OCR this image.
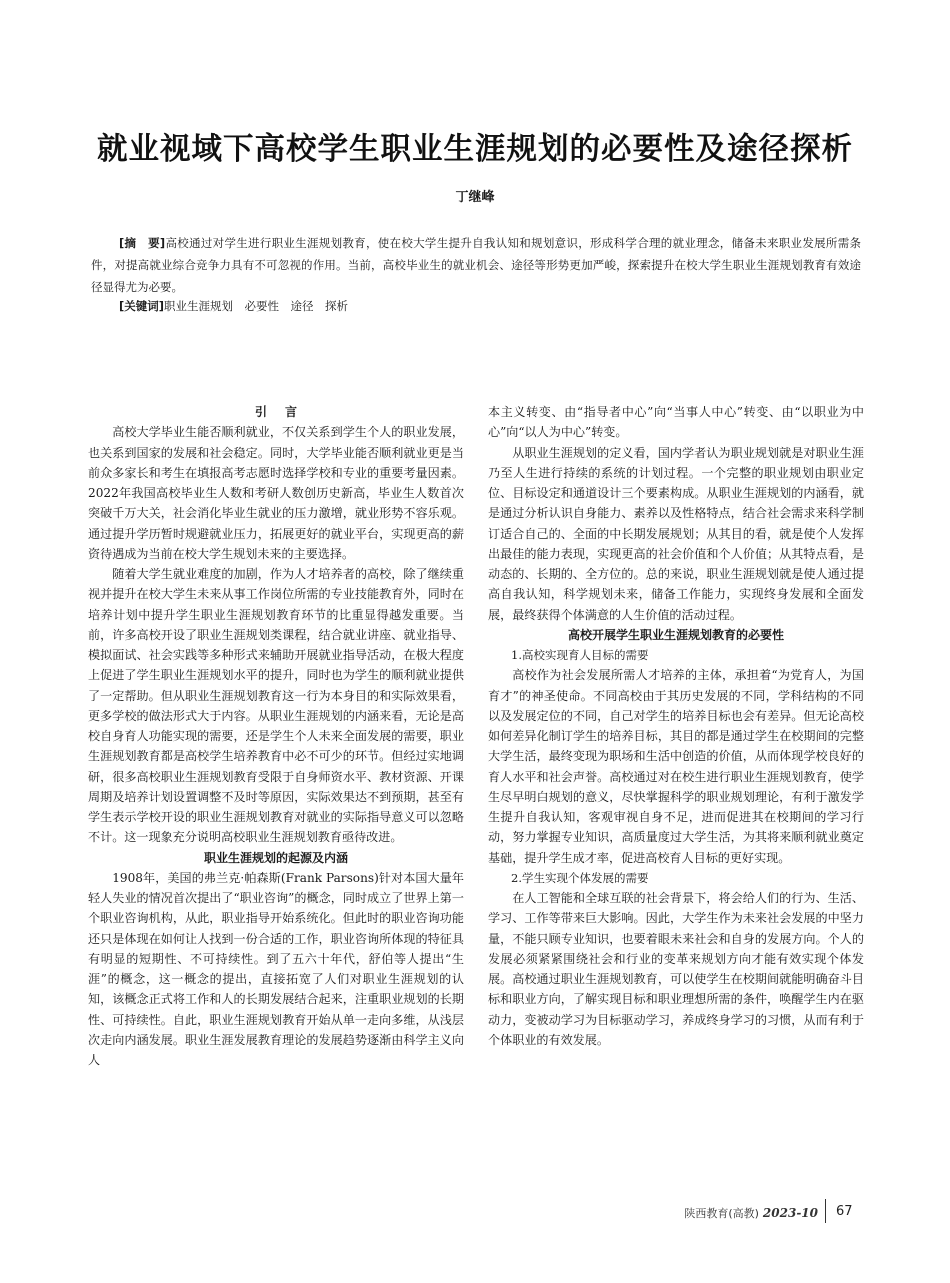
就业视域下高校学生职业生涯规划的必要性及途径探析
丁继峰

[摘　要]高校通过对学生进行职业生涯规划教育，使在校大学生提升自我认知和规划意识，形成科学合理的就业理念，储备未来职业发展所需条件，对提高就业综合竞争力具有不可忽视的作用。当前，高校毕业生的就业机会、途径等形势更加严峻，探索提升在校大学生职业生涯规划教育有效途径显得尤为必要。

[关键词]职业生涯规划　必要性　途径　探析

引言

高校大学毕业生能否顺利就业，不仅关系到学生个人的职业发展，也关系到国家的发展和社会稳定。同时，大学毕业能否顺利就业更是当前众多家长和考生在填报高考志愿时选择学校和专业的重要考量因素。2022年我国高校毕业生人数和考研人数创历史新高，毕业生人数首次突破千万大关，社会消化毕业生就业的压力激增，就业形势不容乐观。通过提升学历暂时规避就业压力，拓展更好的就业平台，实现更高的薪资待遇成为当前在校大学生规划未来的主要选择。

随着大学生就业难度的加剧，作为人才培养者的高校，除了继续重视并提升在校大学生未来从事工作岗位所需的专业技能教育外，同时在培养计划中提升学生职业生涯规划教育环节的比重显得越发重要。当前，许多高校开设了职业生涯规划类课程，结合就业讲座、就业指导、模拟面试、社会实践等多种形式来辅助开展就业指导活动，在极大程度上促进了学生职业生涯规划水平的提升，同时也为学生的顺利就业提供了一定帮助。但从职业生涯规划教育这一行为本身目的和实际效果看，更多学校的做法形式大于内容。从职业生涯规划的内涵来看，无论是高校自身育人功能实现的需要，还是学生个人未来全面发展的需要，职业生涯规划教育都是高校学生培养教育中必不可少的环节。但经过实地调研，很多高校职业生涯规划教育受限于自身师资水平、教材资源、开课周期及培养计划设置调整不及时等原因，实际效果达不到预期，甚至有学生表示学校开设的职业生涯规划教育对就业的实际指导意义可以忽略不计。这一现象充分说明高校职业生涯规划教育亟待改进。

职业生涯规划的起源及内涵

1908年，美国的弗兰克·帕森斯(Frank Parsons)针对本国大量年轻人失业的情况首次提出了“职业咨询”的概念，同时成立了世界上第一个职业咨询机构，从此，职业指导开始系统化。但此时的职业咨询功能还只是体现在如何让人找到一份合适的工作，职业咨询所体现的特征具有明显的短期性、不可持续性。到了五六十年代，舒伯等人提出“生涯”的概念，这一概念的提出，直接拓宽了人们对职业生涯规划的认知，该概念正式将工作和人的长期发展结合起来，注重职业规划的长期性、可持续性。自此，职业生涯规划教育开始从单一走向多维，从浅层次走向内涵发展。职业生涯发展教育理论的发展趋势逐渐由科学主义向人

本主义转变、由“指导者中心”向“当事人中心”转变、由“以职业为中心”向“以人为中心”转变。

从职业生涯规划的定义看，国内学者认为职业规划就是对职业生涯乃至人生进行持续的系统的计划过程。一个完整的职业规划由职业定位、目标设定和通道设计三个要素构成。从职业生涯规划的内涵看，就是通过分析认识自身能力、素养以及性格特点，结合社会需求来科学制订适合自己的、全面的中长期发展规划；从其目的看，就是使个人发挥出最佳的能力表现，实现更高的社会价值和个人价值；从其特点看，是动态的、长期的、全方位的。总的来说，职业生涯规划就是使人通过提高自我认知，科学规划未来，储备工作能力，实现终身发展和全面发展，最终获得个体满意的人生价值的活动过程。

高校开展学生职业生涯规划教育的必要性
1.高校实现育人目标的需要

高校作为社会发展所需人才培养的主体，承担着“为党育人，为国育才”的神圣使命。不同高校由于其历史发展的不同，学科结构的不同以及发展定位的不同，自己对学生的培养目标也会有差异。但无论高校如何差异化制订学生的培养目标，其目的都是通过学生在校期间的完整大学生活，最终变现为职场和生活中创造的价值，从而体现学校良好的育人水平和社会声誉。高校通过对在校生进行职业生涯规划教育，使学生尽早明白规划的意义，尽快掌握科学的职业规划理论，有利于激发学生提升自我认知，客观审视自身不足，进而促进其在校期间的学习行动，努力掌握专业知识，高质量度过大学生活，为其将来顺利就业奠定基础，提升学生成才率，促进高校育人目标的更好实现。

2.学生实现个体发展的需要

在人工智能和全球互联的社会背景下，将会给人们的行为、生活、学习、工作等带来巨大影响。因此，大学生作为未来社会发展的中坚力量，不能只顾专业知识，也要着眼未来社会和自身的发展方向。个人的发展必须紧紧围绕社会和行业的变革来规划方向才能有效实现个体发展。高校通过职业生涯规划教育，可以使学生在校期间就能明确奋斗目标和职业方向，了解实现目标和职业理想所需的条件，唤醒学生内在驱动力，变被动学习为目标驱动学习，养成终身学习的习惯，从而有利于个体职业的有效发展。

陕西教育(高教) 2023-10 67
